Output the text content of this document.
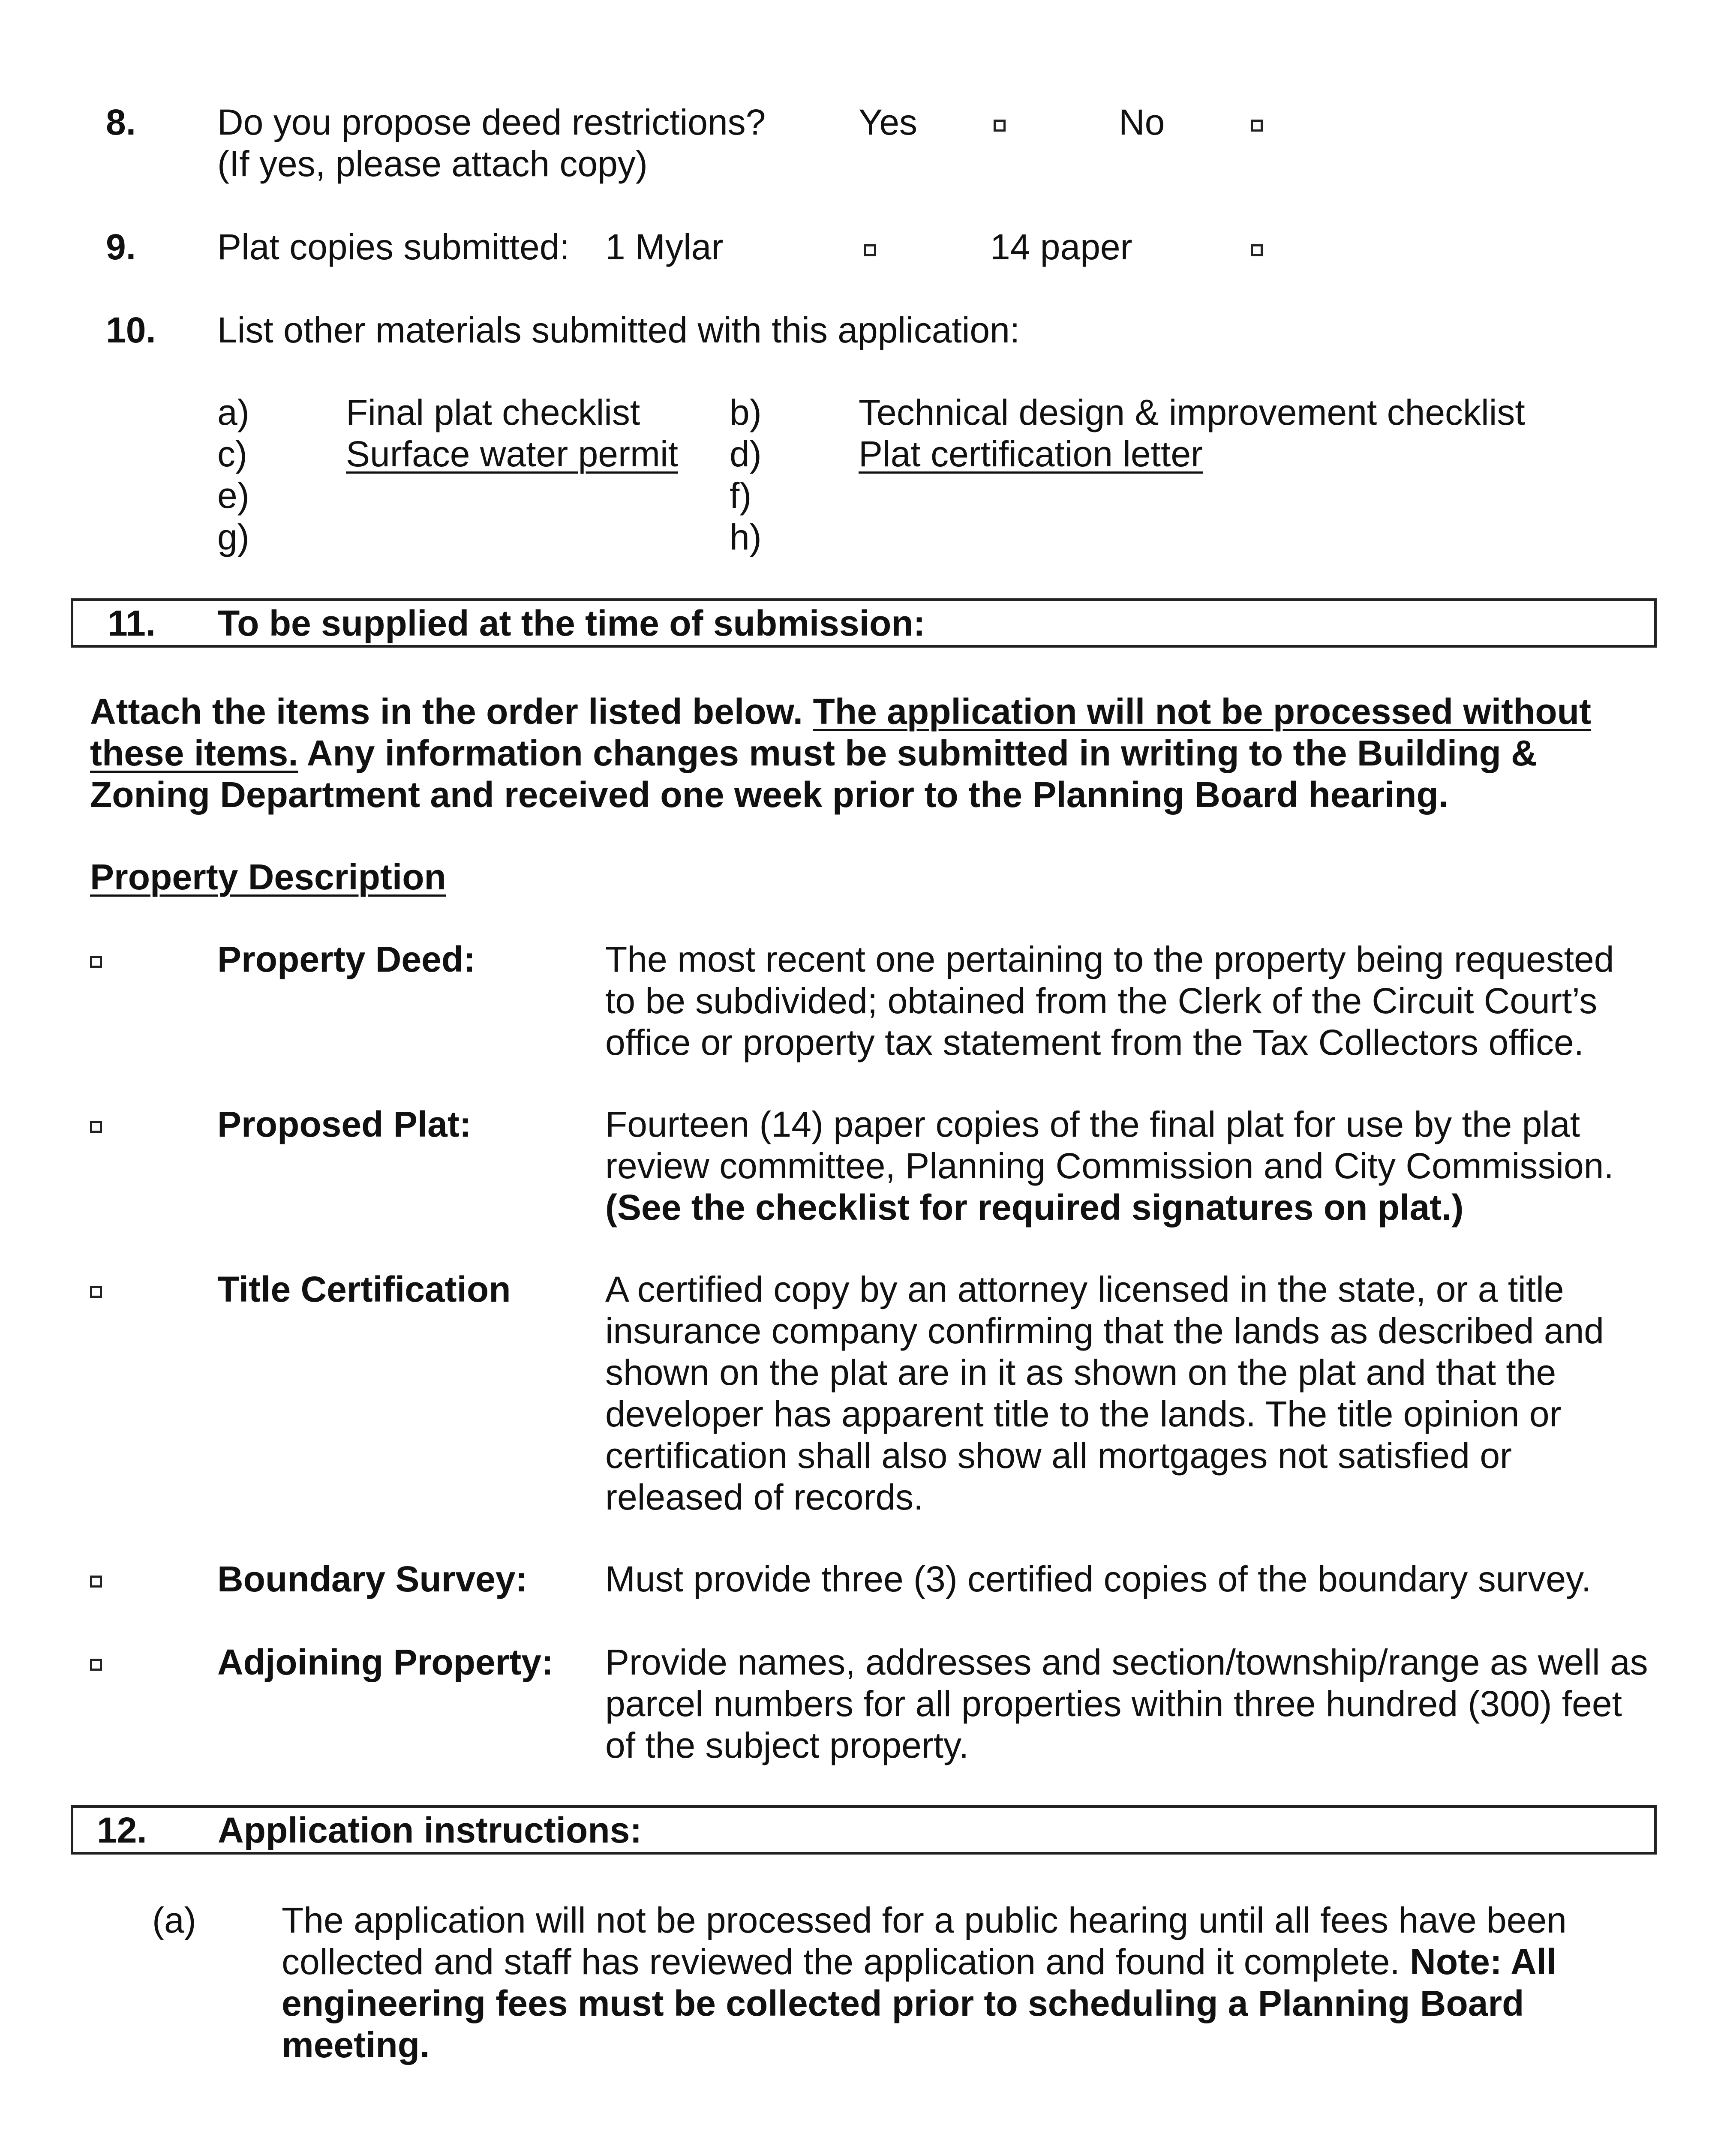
8. Do you propose deed restrictions?
(If yes, please attach copy)
Yes	No
9. Plat copies submitted: 1 Mylar	14 paper
10. List other materials submitted with this application:
a)	Final plat checklist b)	Technical design & improvement checklist
c)	Surface water permit d)	Plat certification letter
e)	f)
g)	h)
11. To be supplied at the time of submission:
Attach the items in the order listed below. The application will not be processed without these items. Any information changes must be submitted in writing to the Building & Zoning Department and received one week prior to the Planning Board hearing.
Property Description
Property Deed:	The most recent one pertaining to the property being requested to be subdivided; obtained from the Clerk of the Circuit Court’s office or property tax statement from the Tax Collectors office.
Proposed Plat:	Fourteen (14) paper copies of the final plat for use by the plat review committee, Planning Commission and City Commission. (See the checklist for required signatures on plat.)
Title Certification	A certified copy by an attorney licensed in the state, or a title insurance company confirming that the lands as described and shown on the plat are in it as shown on the plat and that the developer has apparent title to the lands. The title opinion or certification shall also show all mortgages not satisfied or released of records.
Boundary Survey: Must provide three (3) certified copies of the boundary survey.
Adjoining Property: Provide names, addresses and section/township/range as well as parcel numbers for all properties within three hundred (300) feet of the subject property.
12. Application instructions:
(a) The application will not be processed for a public hearing until all fees have been collected and staff has reviewed the application and found it complete. Note: All engineering fees must be collected prior to scheduling a Planning Board meeting.
